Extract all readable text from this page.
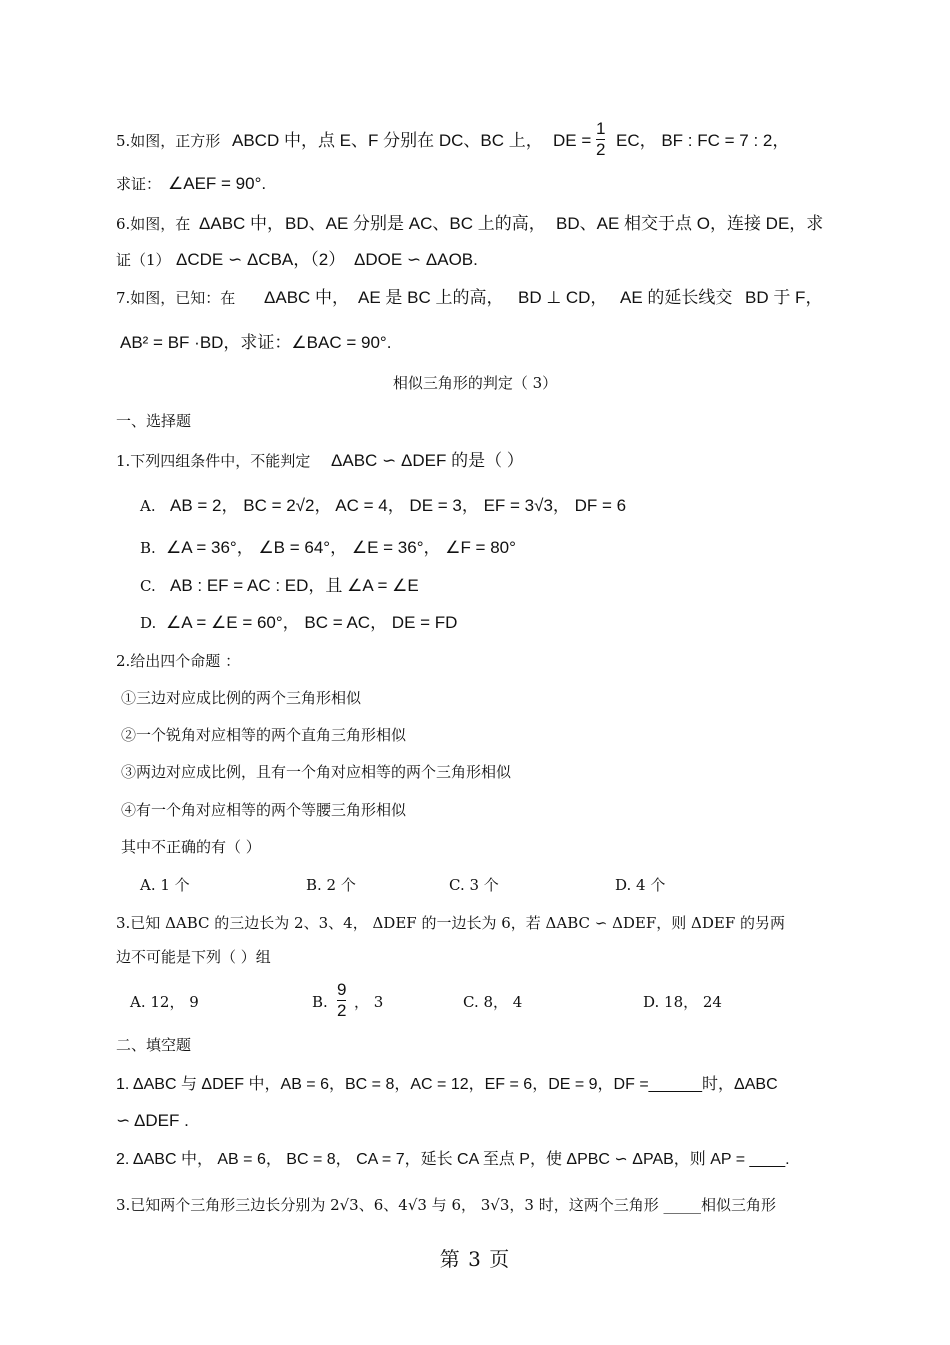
5.如图，正方形 ABCD 中，点 E、F 分别在 DC、BC 上， DE =
1
2 EC， BF : FC = 7 : 2，
求证： ∠AEF = 90°.
6.如图，在 ΔABC 中， BD、AE 分别是 AC、BC 上的高， BD、AE 相交于点 O，连接 DE，求
证（1） ΔCDE ∽ ΔCBA，（2） ΔDOE ∽ ΔAOB.
7.如图，已知：在 ΔABC 中， AE 是 BC 上的高， BD ⊥ CD， AE 的延长线交 BD 于 F，
AB² = BF ·BD，求证：∠BAC = 90°.
相似三角形的判定（ 3）
一、选择题
1.下列四组条件中，不能判定 ΔABC ∽ ΔDEF 的是（ ）
A. AB = 2， BC = 2√2， AC = 4， DE = 3， EF = 3√3， DF = 6
B. ∠A = 36°， ∠B = 64°， ∠E = 36°， ∠F = 80°
C. AB : EF = AC : ED，且 ∠A = ∠E
D. ∠A = ∠E = 60°， BC = AC， DE = FD
2.给出四个命题 ：
①三边对应成比例的两个三角形相似
②一个锐角对应相等的两个直角三角形相似
③两边对应成比例，且有一个角对应相等的两个三角形相似
④有一个角对应相等的两个等腰三角形相似
其中不正确的有（ ）
A. 1 个	B. 2 个	C. 3 个	D. 4 个
3.已知 ΔABC 的三边长为 2、3、4， ΔDEF 的一边长为 6，若 ΔABC ∽ ΔDEF，则 ΔDEF 的另两
边不可能是下列（ ）组
A. 12， 9	B.
9
2 ， 3	C. 8， 4	D. 18， 24
二、填空题
1. ΔABC 与 ΔDEF 中，AB = 6，BC = 8，AC = 12，EF = 6，DE = 9，DF =______时，ΔABC
∽ ΔDEF .
2. ΔABC 中， AB = 6， BC = 8， CA = 7，延长 CA 至点 P，使 ΔPBC ∽ ΔPAB，则 AP = ____.
3.已知两个三角形三边长分别为 2√3、6、4√3 与 6， 3√3，3 时，这两个三角形 _____相似三角形
第 3 页
